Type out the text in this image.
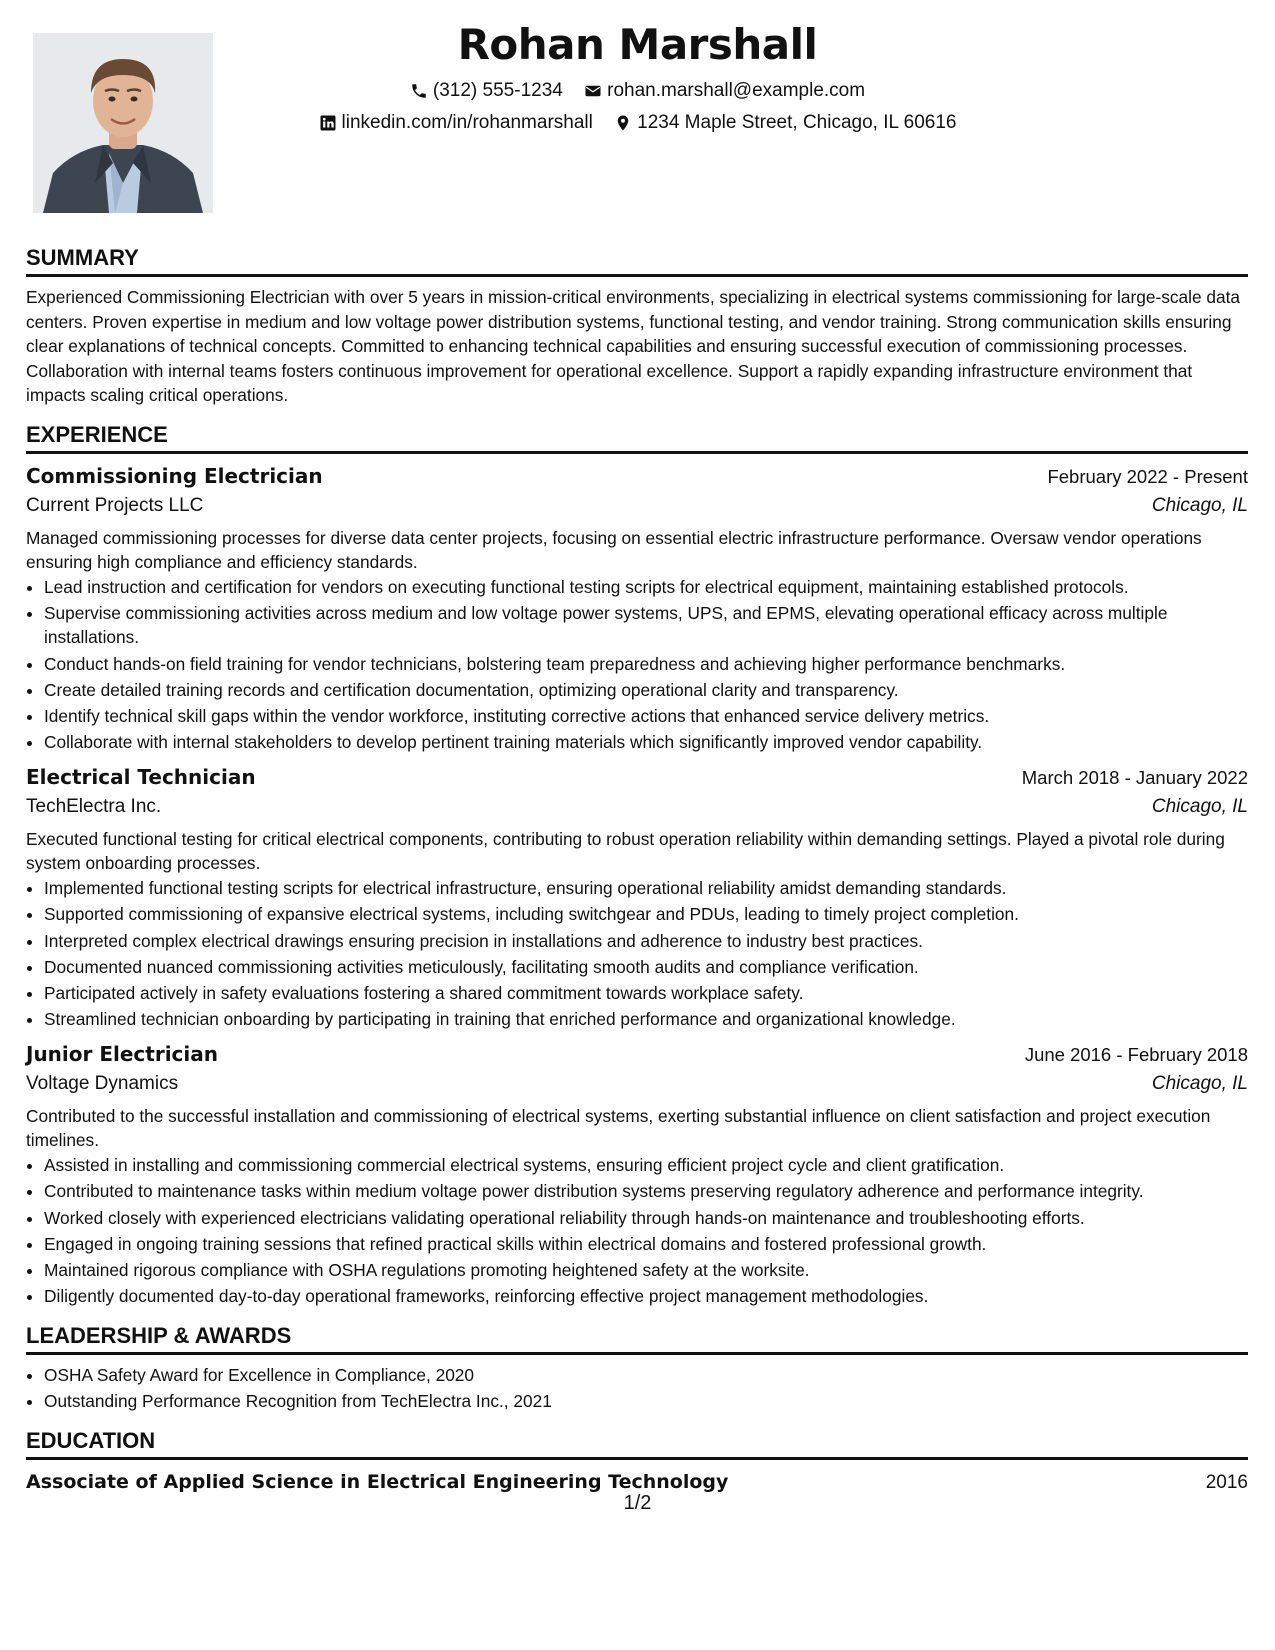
Rohan Marshall
(312) 555-1234
rohan.marshall@example.com
linkedin.com/in/rohanmarshall
1234 Maple Street, Chicago, IL 60616
SUMMARY

Experienced Commissioning Electrician with over 5 years in mission-critical environments, specializing in electrical systems commissioning for large-scale data centers. Proven expertise in medium and low voltage power distribution systems, functional testing, and vendor training. Strong communication skills ensuring clear explanations of technical concepts. Committed to enhancing technical capabilities and ensuring successful execution of commissioning processes. Collaboration with internal teams fosters continuous improvement for operational excellence. Support a rapidly expanding infrastructure environment that impacts scaling critical operations.

EXPERIENCE
Commissioning Electrician	February 2022 - Present
Current Projects LLC	Chicago, IL

Managed commissioning processes for diverse data center projects, focusing on essential electric infrastructure performance. Oversaw vendor operations ensuring high compliance and efficiency standards.

• Lead instruction and certification for vendors on executing functional testing scripts for electrical equipment, maintaining established protocols.
• Supervise commissioning activities across medium and low voltage power systems, UPS, and EPMS, elevating operational efficacy across multiple installations.
• Conduct hands-on field training for vendor technicians, bolstering team preparedness and achieving higher performance benchmarks.
• Create detailed training records and certification documentation, optimizing operational clarity and transparency.
• Identify technical skill gaps within the vendor workforce, instituting corrective actions that enhanced service delivery metrics.
• Collaborate with internal stakeholders to develop pertinent training materials which significantly improved vendor capability.
Electrical Technician	March 2018 - January 2022
TechElectra Inc.	Chicago, IL

Executed functional testing for critical electrical components, contributing to robust operation reliability within demanding settings. Played a pivotal role during system onboarding processes.

• Implemented functional testing scripts for electrical infrastructure, ensuring operational reliability amidst demanding standards.
• Supported commissioning of expansive electrical systems, including switchgear and PDUs, leading to timely project completion.
• Interpreted complex electrical drawings ensuring precision in installations and adherence to industry best practices.
• Documented nuanced commissioning activities meticulously, facilitating smooth audits and compliance verification.
• Participated actively in safety evaluations fostering a shared commitment towards workplace safety.
• Streamlined technician onboarding by participating in training that enriched performance and organizational knowledge.
Junior Electrician	June 2016 - February 2018
Voltage Dynamics	Chicago, IL

Contributed to the successful installation and commissioning of electrical systems, exerting substantial influence on client satisfaction and project execution timelines.

• Assisted in installing and commissioning commercial electrical systems, ensuring efficient project cycle and client gratification.
• Contributed to maintenance tasks within medium voltage power distribution systems preserving regulatory adherence and performance integrity.
• Worked closely with experienced electricians validating operational reliability through hands-on maintenance and troubleshooting efforts.
• Engaged in ongoing training sessions that refined practical skills within electrical domains and fostered professional growth.
• Maintained rigorous compliance with OSHA regulations promoting heightened safety at the worksite.
• Diligently documented day-to-day operational frameworks, reinforcing effective project management methodologies.
LEADERSHIP & AWARDS
• OSHA Safety Award for Excellence in Compliance, 2020
• Outstanding Performance Recognition from TechElectra Inc., 2021
EDUCATION
Associate of Applied Science in Electrical Engineering Technology	2016
1/2
